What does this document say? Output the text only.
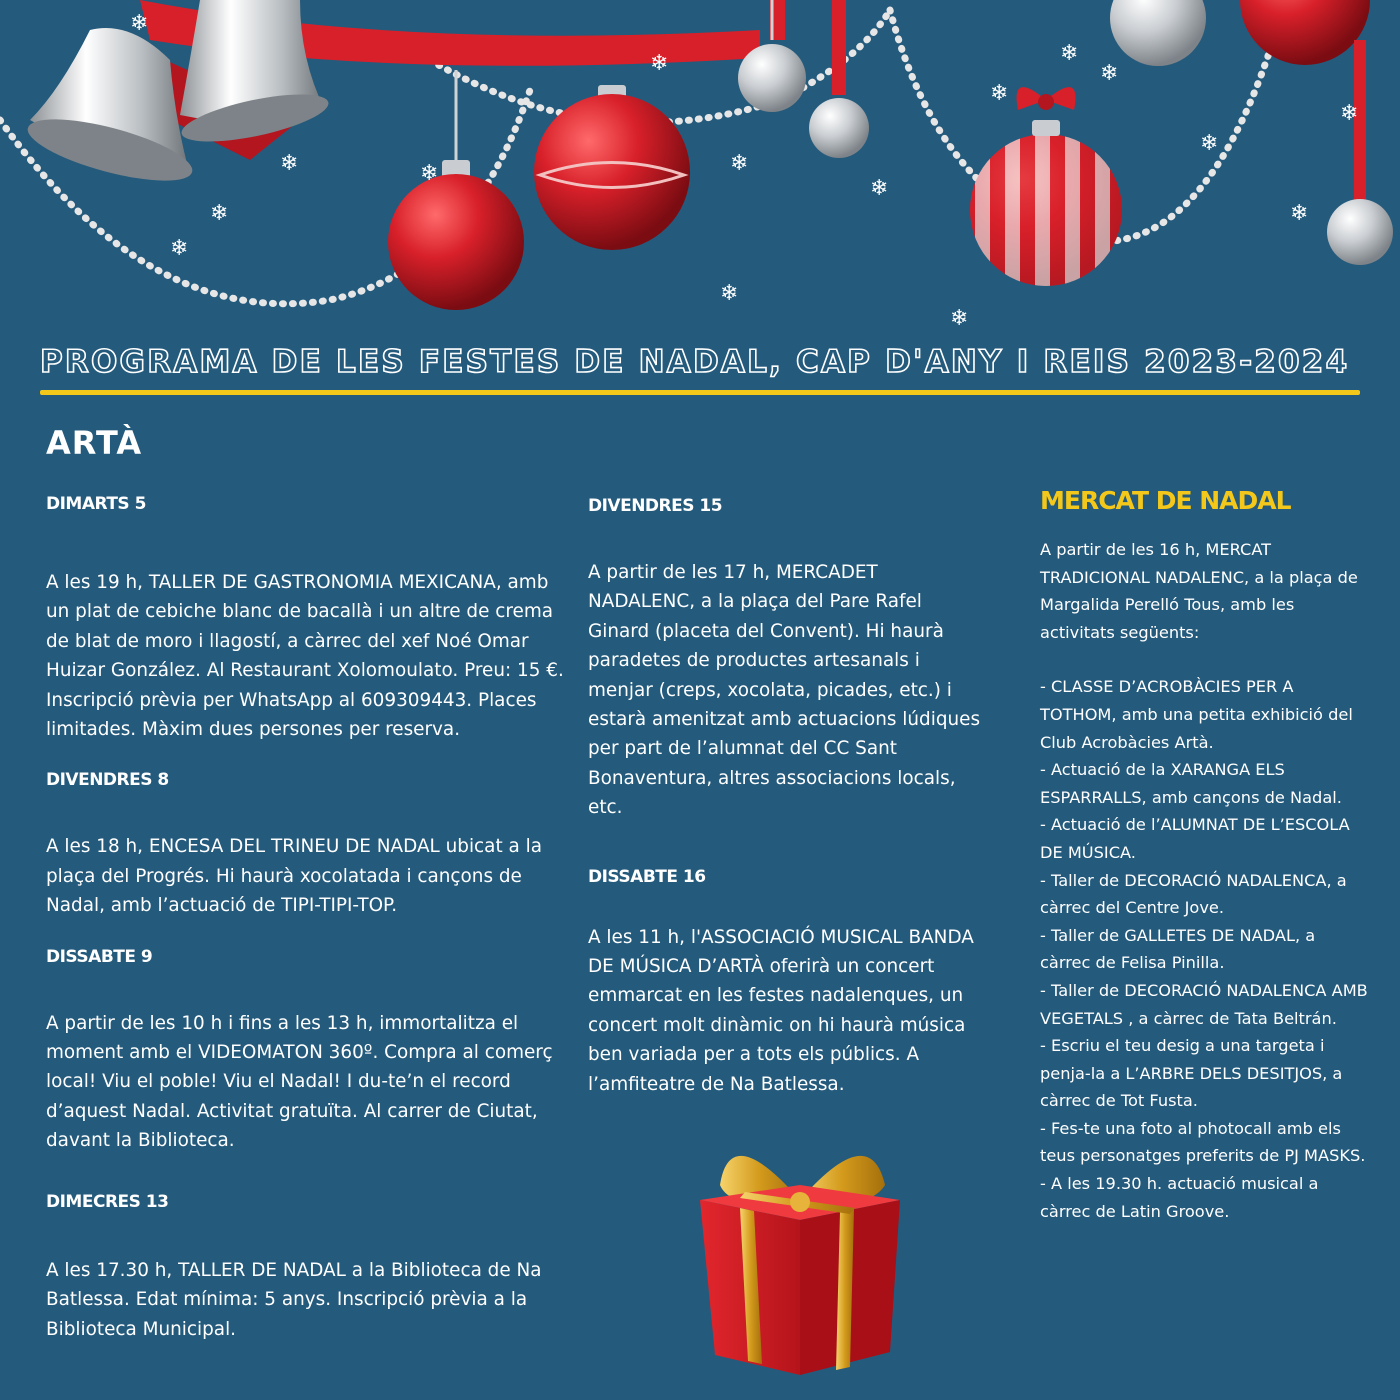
❄
❄
❄	❄
❄
❄
❄
❄
❄
❄
❄
❄
❄
❄
❄
❄
PROGRAMA DE LES FESTES DE NADAL, CAP D'ANY I REIS 2023-2024
ARTÀ
DIMARTS 5

A les 19 h, TALLER DE GASTRONOMIA MEXICANA, amb un plat de cebiche blanc de bacallà i un altre de crema de blat de moro i llagostí, a càrrec del xef Noé Omar Huizar González. Al Restaurant Xolomoulato. Preu: 15 €. Inscripció prèvia per WhatsApp al 609309443. Places limitades. Màxim dues persones per reserva.

DIVENDRES 8

A les 18 h, ENCESA DEL TRINEU DE NADAL ubicat a la plaça del Progrés. Hi haurà xocolatada i cançons de Nadal, amb l’actuació de TIPI-TIPI-TOP.

DISSABTE 9

A partir de les 10 h i fins a les 13 h, immortalitza el moment amb el VIDEOMATON 360º. Compra al comerç local! Viu el poble! Viu el Nadal! I du-te’n el record d’aquest Nadal. Activitat gratuïta. Al carrer de Ciutat, davant la Biblioteca.

DIMECRES 13

A les 17.30 h, TALLER DE NADAL a la Biblioteca de Na Batlessa. Edat mínima: 5 anys. Inscripció prèvia a la Biblioteca Municipal.

DIVENDRES 15

A partir de les 17 h, MERCADET NADALENC, a la plaça del Pare Rafel Ginard (placeta del Convent). Hi haurà paradetes de productes artesanals i menjar (creps, xocolata, picades, etc.) i estarà amenitzat amb actuacions lúdiques per part de l’alumnat del CC Sant Bonaventura, altres associacions locals, etc.

DISSABTE 16

A les 11 h, l'ASSOCIACIÓ MUSICAL BANDA DE MÚSICA D’ARTÀ oferirà un concert emmarcat en les festes nadalenques, un concert molt dinàmic on hi haurà música ben variada per a tots els públics. A l’amfiteatre de Na Batlessa.

MERCAT DE NADAL

A partir de les 16 h, MERCAT TRADICIONAL NADALENC, a la plaça de Margalida Perelló Tous, amb les activitats següents:

- CLASSE D’ACROBÀCIES PER A TOTHOM, amb una petita exhibició del Club Acrobàcies Artà.

- Actuació de la XARANGA ELS ESPARRALLS, amb cançons de Nadal.

- Actuació de l’ALUMNAT DE L’ESCOLA DE MÚSICA.

- Taller de DECORACIÓ NADALENCA, a càrrec del Centre Jove.

- Taller de GALLETES DE NADAL, a càrrec de Felisa Pinilla.

- Taller de DECORACIÓ NADALENCA AMB VEGETALS , a càrrec de Tata Beltrán.

- Escriu el teu desig a una targeta i penja-la a L’ARBRE DELS DESITJOS, a càrrec de Tot Fusta.

- Fes-te una foto al photocall amb els teus personatges preferits de PJ MASKS.

- A les 19.30 h. actuació musical a càrrec de Latin Groove.
